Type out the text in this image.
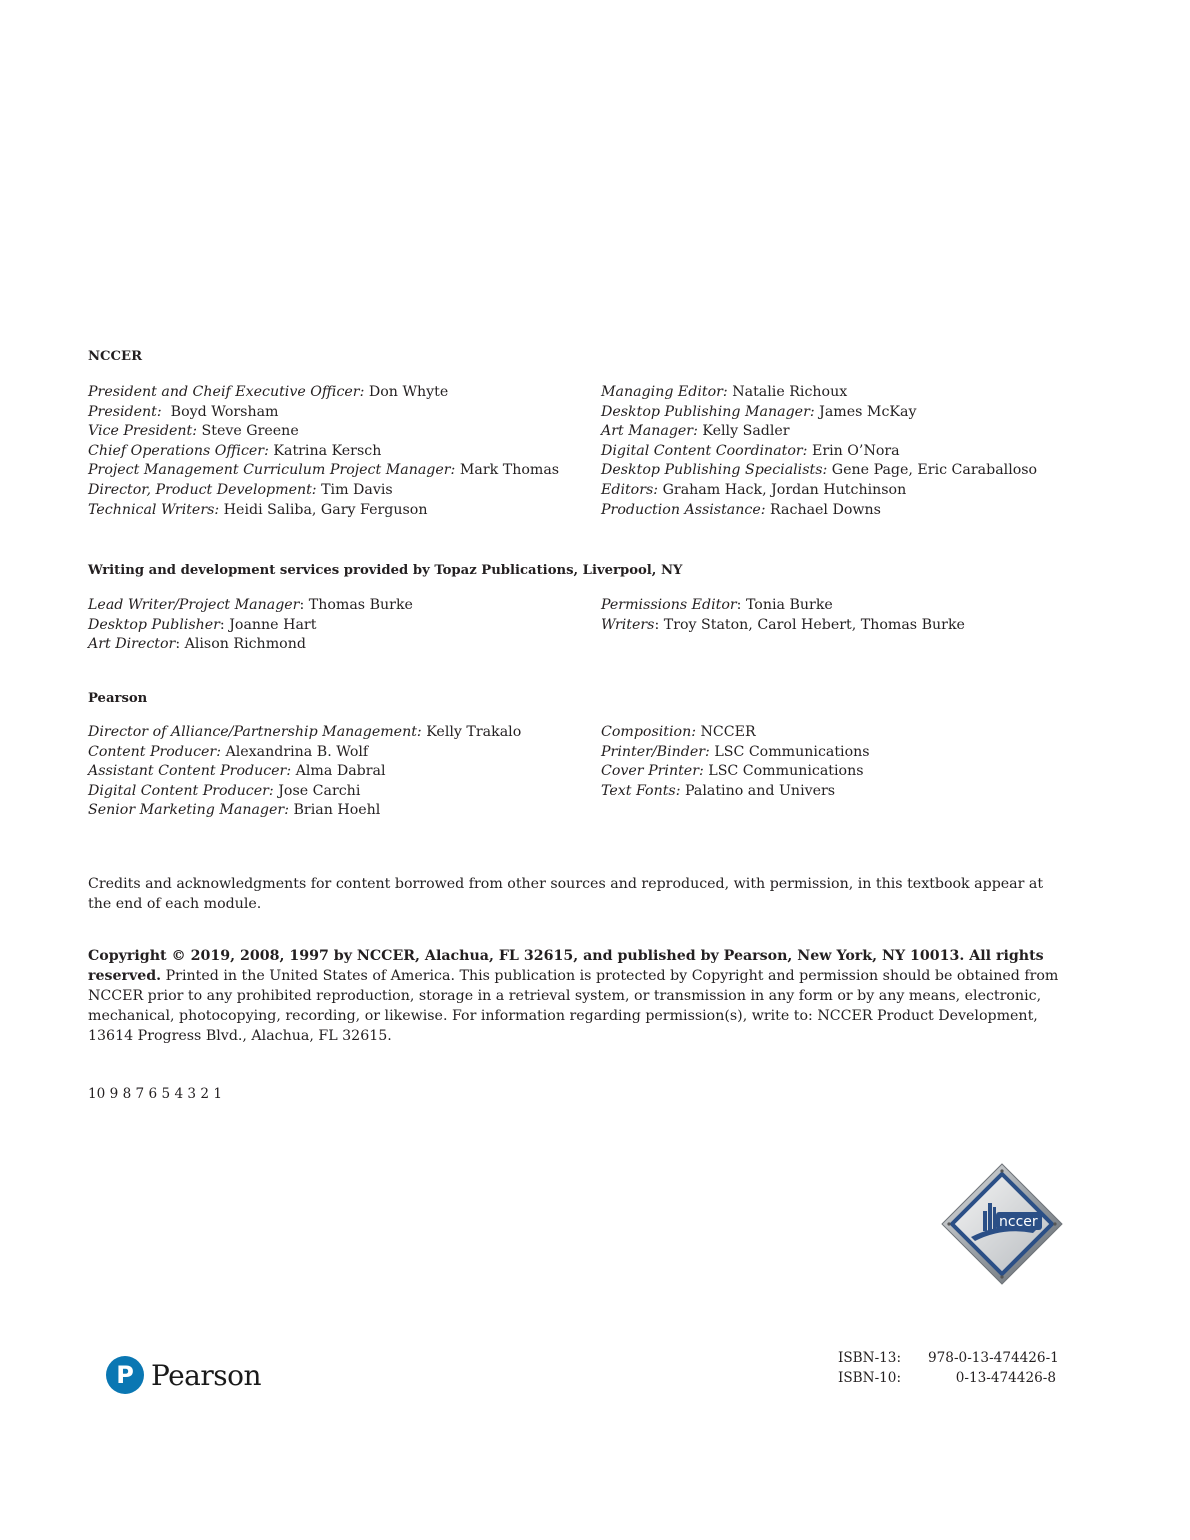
NCCER
President and Cheif Executive Officer: Don Whyte
President:  Boyd Worsham
Vice President: Steve Greene
Chief Operations Officer: Katrina Kersch
Project Management Curriculum Project Manager: Mark Thomas
Director, Product Development: Tim Davis
Technical Writers: Heidi Saliba, Gary Ferguson
Managing Editor: Natalie Richoux
Desktop Publishing Manager: James McKay
Art Manager: Kelly Sadler
Digital Content Coordinator: Erin O’Nora
Desktop Publishing Specialists: Gene Page, Eric Caraballoso
Editors: Graham Hack, Jordan Hutchinson
Production Assistance: Rachael Downs
Writing and development services provided by Topaz Publications, Liverpool, NY
Lead Writer/Project Manager: Thomas Burke
Desktop Publisher: Joanne Hart
Art Director: Alison Richmond
Permissions Editor: Tonia Burke
Writers: Troy Staton, Carol Hebert, Thomas Burke
Pearson
Director of Alliance/Partnership Management: Kelly Trakalo
Content Producer: Alexandrina B. Wolf
Assistant Content Producer: Alma Dabral
Digital Content Producer: Jose Carchi
Senior Marketing Manager: Brian Hoehl
Composition: NCCER
Printer/Binder: LSC Communications
Cover Printer: LSC Communications
Text Fonts: Palatino and Univers
Credits and acknowledgments for content borrowed from other sources and reproduced, with permission, in this textbook appear at the end of each module.
Copyright © 2019, 2008, 1997 by NCCER, Alachua, FL 32615, and published by Pearson, New York, NY 10013. All rights reserved. Printed in the United States of America. This publication is protected by Copyright and permission should be obtained from NCCER prior to any prohibited reproduction, storage in a retrieval system, or transmission in any form or by any means, electronic, mechanical, photocopying, recording, or likewise. For information regarding permission(s), write to: NCCER Product Development, 13614 Progress Blvd., Alachua, FL 32615.
10 9 8 7 6 5 4 3 2 1
nccer
P Pearson
ISBN-13:	978-0-13-474426-1
ISBN-10:	0-13-474426-8
